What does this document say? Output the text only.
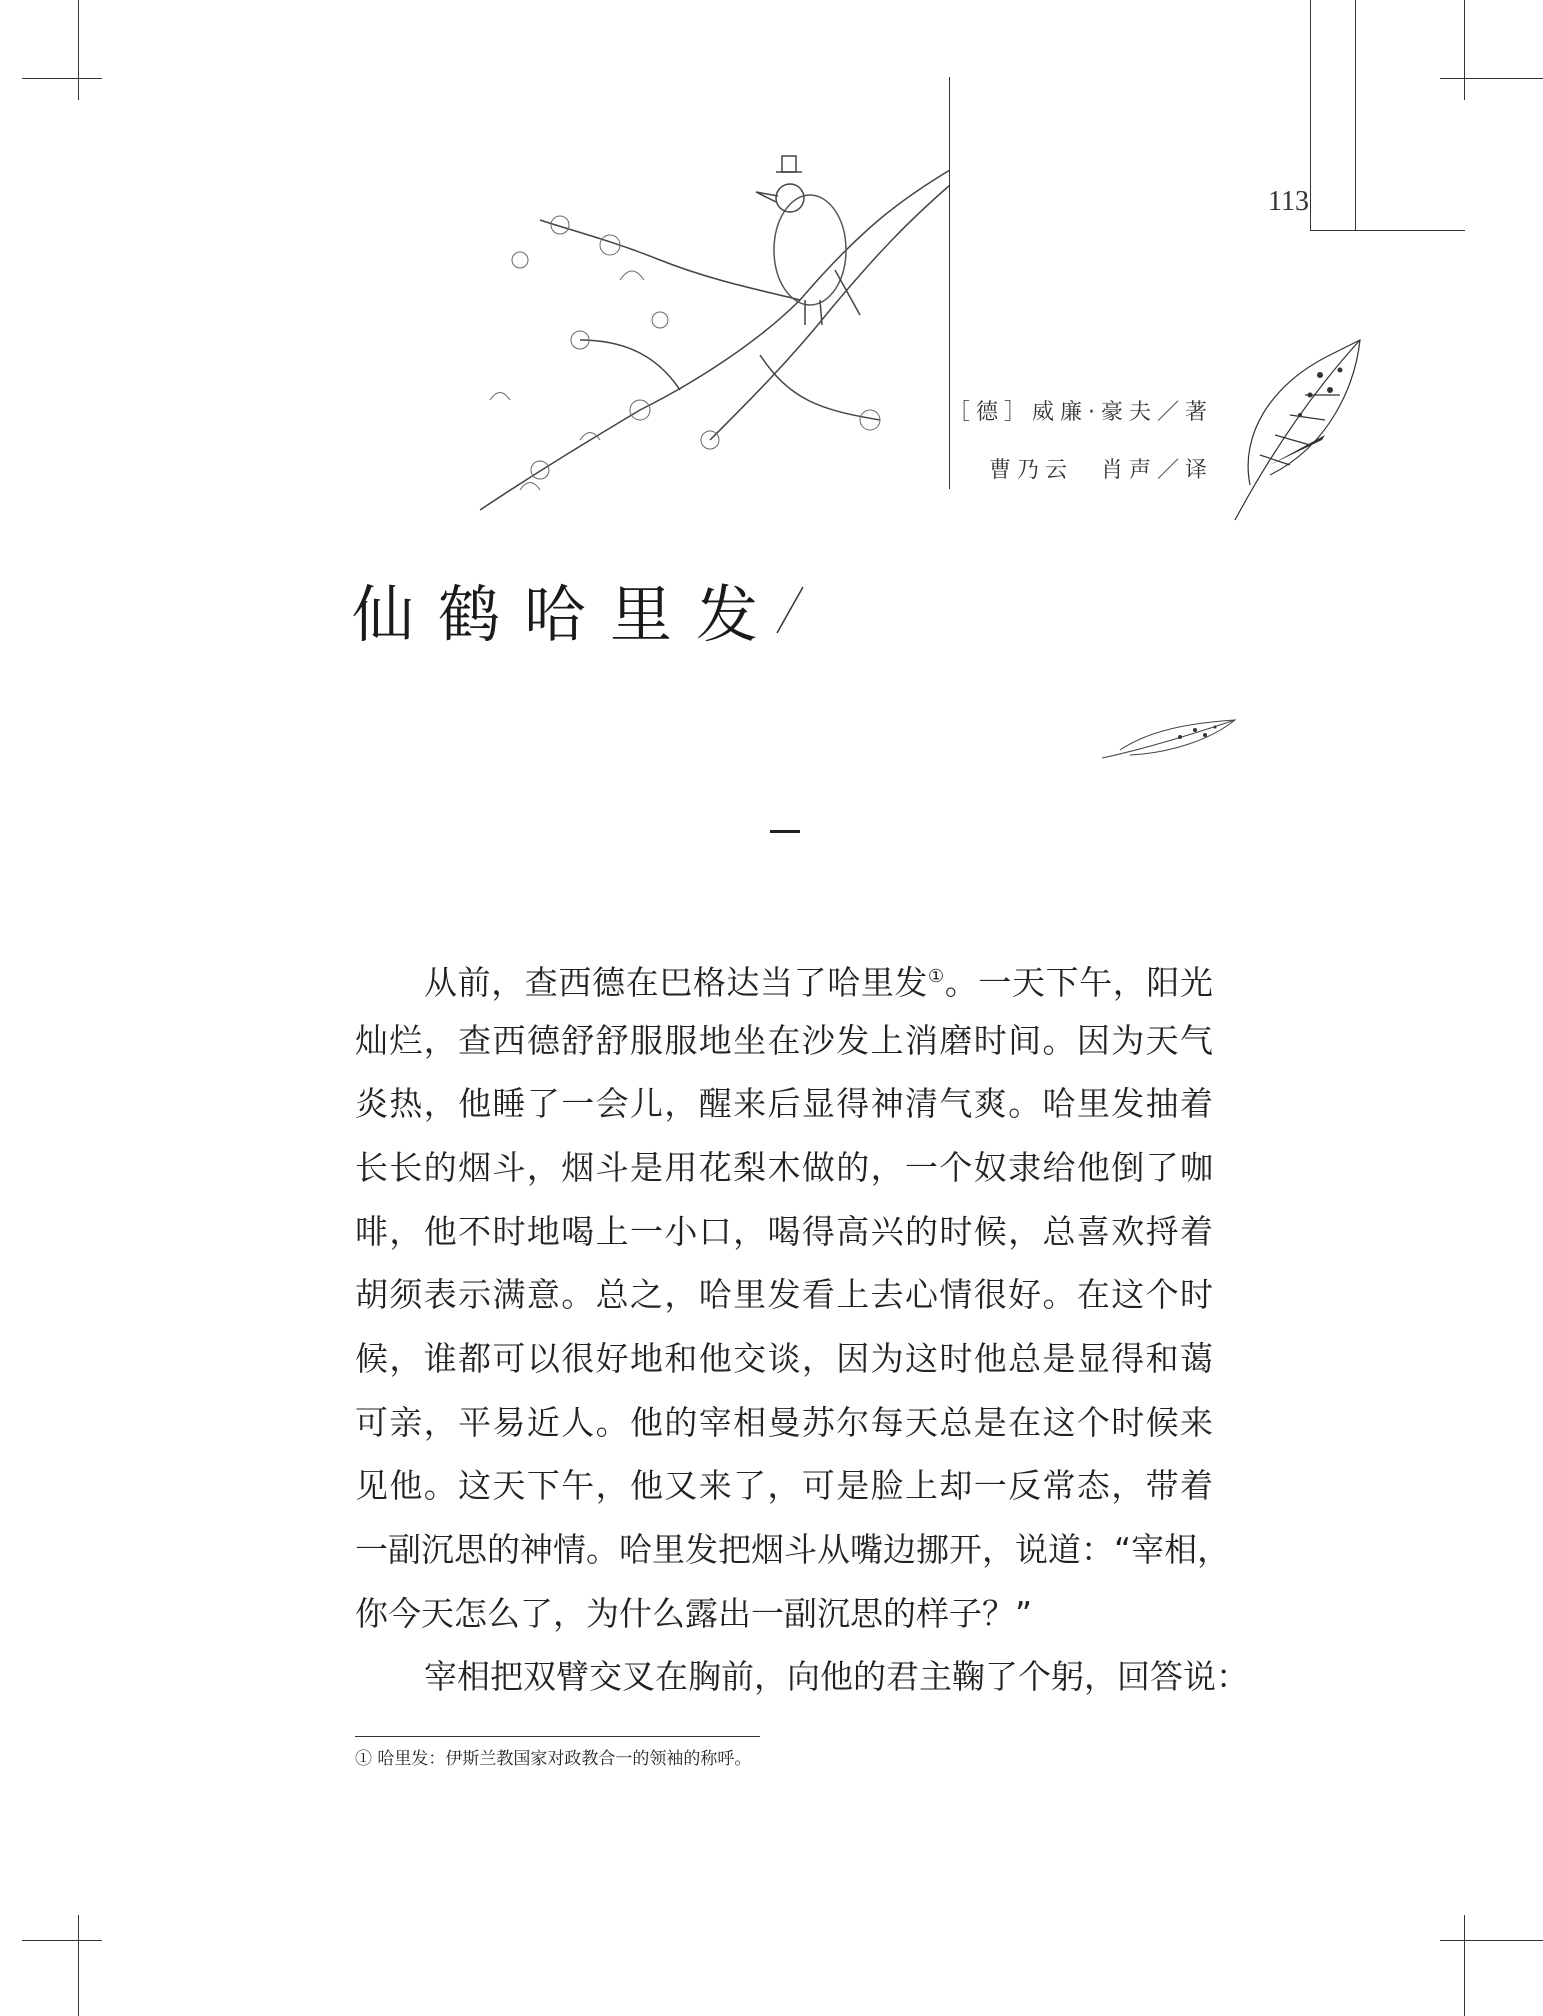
113
［德］威廉·豪夫／著
曹乃云　肖声／译
仙鹤哈里发
从前，查西德在巴格达当了哈里发①。一天下午，阳光
灿烂，查西德舒舒服服地坐在沙发上消磨时间。因为天气
炎热，他睡了一会儿，醒来后显得神清气爽。哈里发抽着
长长的烟斗，烟斗是用花梨木做的，一个奴隶给他倒了咖
啡，他不时地喝上一小口，喝得高兴的时候，总喜欢捋着
胡须表示满意。总之，哈里发看上去心情很好。在这个时
候，谁都可以很好地和他交谈，因为这时他总是显得和蔼
可亲，平易近人。他的宰相曼苏尔每天总是在这个时候来
见他。这天下午，他又来了，可是脸上却一反常态，带着
一副沉思的神情。哈里发把烟斗从嘴边挪开，说道：“宰相，
你今天怎么了，为什么露出一副沉思的样子？”
宰相把双臂交叉在胸前，向他的君主鞠了个躬，回答说：
① 哈里发：伊斯兰教国家对政教合一的领袖的称呼。
